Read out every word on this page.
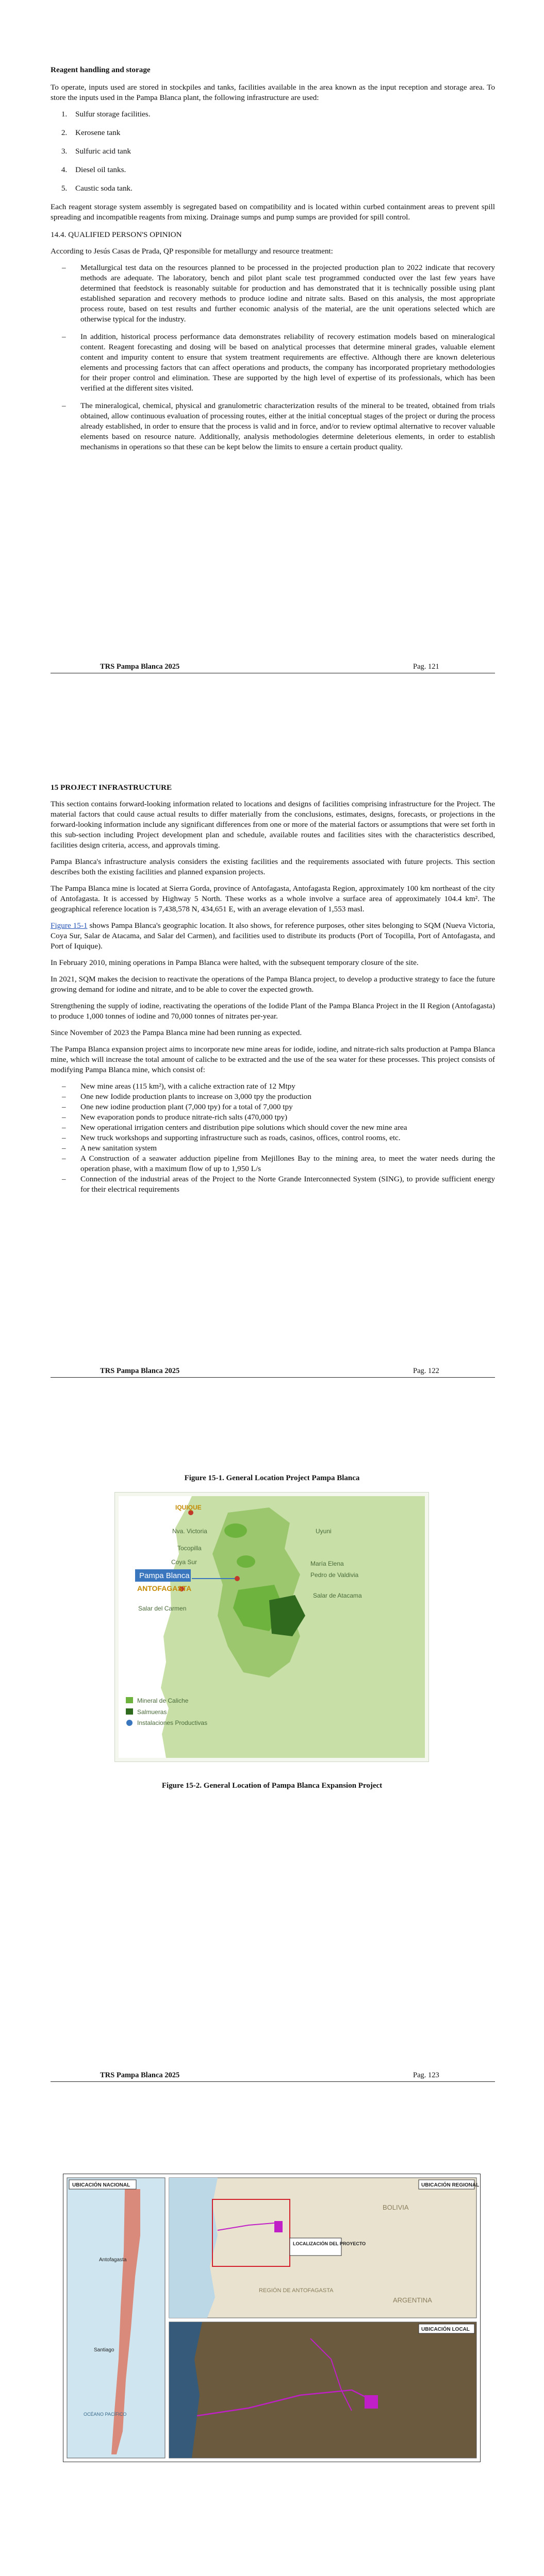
Reagent handling and storage

To operate, inputs used are stored in stockpiles and tanks, facilities available in the area known as the input reception and storage area. To store the inputs used in the Pampa Blanca plant, the following infrastructure are used:

1. Sulfur storage facilities.
2. Kerosene tank
3. Sulfuric acid tank
4. Diesel oil tanks.
5. Caustic soda tank.

Each reagent storage system assembly is segregated based on compatibility and is located within curbed containment areas to prevent spill spreading and incompatible reagents from mixing. Drainage sumps and pump sumps are provided for spill control.

14.4. QUALIFIED PERSON'S OPINION

According to Jesús Casas de Prada, QP responsible for metallurgy and resource treatment:

– Metallurgical test data on the resources planned to be processed in the projected production plan to 2022 indicate that recovery methods are adequate. The laboratory, bench and pilot plant scale test programmed conducted over the last few years have determined that feedstock is reasonably suitable for production and has demonstrated that it is technically possible using plant established separation and recovery methods to produce iodine and nitrate salts. Based on this analysis, the most appropriate process route, based on test results and further economic analysis of the material, are the unit operations selected which are otherwise typical for the industry.
– In addition, historical process performance data demonstrates reliability of recovery estimation models based on mineralogical content. Reagent forecasting and dosing will be based on analytical processes that determine mineral grades, valuable element content and impurity content to ensure that system treatment requirements are effective. Although there are known deleterious elements and processing factors that can affect operations and products, the company has incorporated proprietary methodologies for their proper control and elimination. These are supported by the high level of expertise of its professionals, which has been verified at the different sites visited.
– The mineralogical, chemical, physical and granulometric characterization results of the mineral to be treated, obtained from trials obtained, allow continuous evaluation of processing routes, either at the initial conceptual stages of the project or during the process already established, in order to ensure that the process is valid and in force, and/or to review optimal alternative to recover valuable elements based on resource nature. Additionally, analysis methodologies determine deleterious elements, in order to establish mechanisms in operations so that these can be kept below the limits to ensure a certain product quality.
TRS Pampa Blanca 2025	Pag. 121

15 PROJECT INFRASTRUCTURE

This section contains forward-looking information related to locations and designs of facilities comprising infrastructure for the Project. The material factors that could cause actual results to differ materially from the conclusions, estimates, designs, forecasts, or projections in the forward-looking information include any significant differences from one or more of the material factors or assumptions that were set forth in this sub-section including Project development plan and schedule, available routes and facilities sites with the characteristics described, facilities design criteria, access, and approvals timing.

Pampa Blanca's infrastructure analysis considers the existing facilities and the requirements associated with future projects. This section describes both the existing facilities and planned expansion projects.

The Pampa Blanca mine is located at Sierra Gorda, province of Antofagasta, Antofagasta Region, approximately 100 km northeast of the city of Antofagasta. It is accessed by Highway 5 North. These works as a whole involve a surface area of approximately 104.4 km². The geographical reference location is 7,438,578 N, 434,651 E, with an average elevation of 1,553 masl.

Figure 15-1 shows Pampa Blanca's geographic location. It also shows, for reference purposes, other sites belonging to SQM (Nueva Victoria, Coya Sur, Salar de Atacama, and Salar del Carmen), and facilities used to distribute its products (Port of Tocopilla, Port of Antofagasta, and Port of Iquique).

In February 2010, mining operations in Pampa Blanca were halted, with the subsequent temporary closure of the site.

In 2021, SQM makes the decision to reactivate the operations of the Pampa Blanca project, to develop a productive strategy to face the future growing demand for iodine and nitrate, and to be able to cover the expected growth.

Strengthening the supply of iodine, reactivating the operations of the Iodide Plant of the Pampa Blanca Project in the II Region (Antofagasta) to produce 1,000 tonnes of iodine and 70,000 tonnes of nitrates per-year.

Since November of 2023 the Pampa Blanca mine had been running as expected.

The Pampa Blanca expansion project aims to incorporate new mine areas for iodide, iodine, and nitrate-rich salts production at Pampa Blanca mine, which will increase the total amount of caliche to be extracted and the use of the sea water for these processes. This project consists of modifying Pampa Blanca mine, which consist of:

– New mine areas (115 km²), with a caliche extraction rate of 12 Mtpy
– One new Iodide production plants to increase on 3,000 tpy the production
– One new iodine production plant (7,000 tpy) for a total of 7,000 tpy
– New evaporation ponds to produce nitrate-rich salts (470,000 tpy)
– New operational irrigation centers and distribution pipe solutions which should cover the new mine area
– New truck workshops and supporting infrastructure such as roads, casinos, offices, control rooms, etc.
– A new sanitation system
– A Construction of a seawater adduction pipeline from Mejillones Bay to the mining area, to meet the water needs during the operation phase, with a maximum flow of up to 1,950 L/s
– Connection of the industrial areas of the Project to the Norte Grande Interconnected System (SING), to provide sufficient energy for their electrical requirements
TRS Pampa Blanca 2025	Pag. 122
Figure 15-1. General Location Project Pampa Blanca
IQUIQUE
Nva. Victoria	Uyuni
Tocopilla
Coya Sur	María Elena
Pedro de Valdivia
Salar de Atacama
Salar del Carmen
Pampa Blanca
ANTOFAGASTA
Mineral de Caliche
Salmueras
Instalaciones Productivas
Figure 15-2. General Location of Pampa Blanca Expansion Project
TRS Pampa Blanca 2025	Pag. 123
UBICACIÓN NACIONAL
Antofagasta
Santiago
OCÉANO PACÍFICO
UBICACIÓN REGIONAL
LOCALIZACIÓN DEL PROYECTO
BOLIVIA
ARGENTINA
REGIÓN DE ANTOFAGASTA
UBICACIÓN LOCAL
